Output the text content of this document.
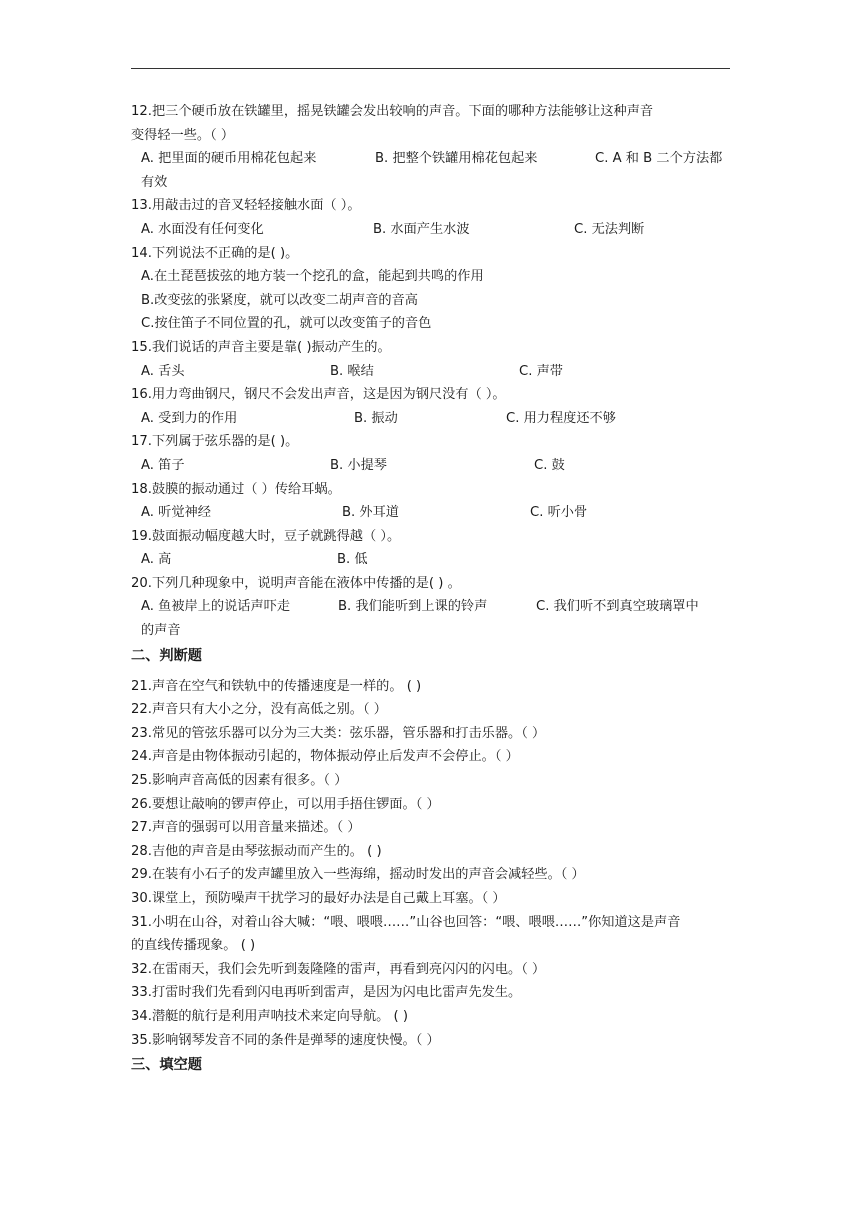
12.把三个硬币放在铁罐里，摇晃铁罐会发出较响的声音。下面的哪种方法能够让这种声音
变得轻一些。（ ）
A. 把里面的硬币用棉花包起来	B. 把整个铁罐用棉花包起来	C. A 和 B 二个方法都
有效
13.用敲击过的音叉轻轻接触水面（ ）。
A. 水面没有任何变化	B. 水面产生水波	C. 无法判断
14.下列说法不正确的是( )。
A.在土琵琶拔弦的地方装一个挖孔的盒，能起到共鸣的作用
B.改变弦的张紧度，就可以改变二胡声音的音高
C.按住笛子不同位置的孔，就可以改变笛子的音色
15.我们说话的声音主要是靠( )振动产生的。
A. 舌头	B. 喉结	C. 声带
16.用力弯曲钢尺，钢尺不会发出声音，这是因为钢尺没有（ ）。
A. 受到力的作用	B. 振动	C. 用力程度还不够
17.下列属于弦乐器的是( )。
A. 笛子	B. 小提琴	C. 鼓
18.鼓膜的振动通过（ ）传给耳蜗。
A. 听觉神经	B. 外耳道	C. 听小骨
19.鼓面振动幅度越大时，豆子就跳得越（ ）。
A. 高	B. 低
20.下列几种现象中，说明声音能在液体中传播的是( ) 。
A. 鱼被岸上的说话声吓走	B. 我们能听到上课的铃声	C. 我们听不到真空玻璃罩中
的声音
二、判断题
21.声音在空气和铁轨中的传播速度是一样的。 ( )
22.声音只有大小之分，没有高低之别。（ ）
23.常见的管弦乐器可以分为三大类：弦乐器，管乐器和打击乐器。（ ）
24.声音是由物体振动引起的，物体振动停止后发声不会停止。（ ）
25.影响声音高低的因素有很多。（ ）
26.要想让敲响的锣声停止，可以用手捂住锣面。（ ）
27.声音的强弱可以用音量来描述。（ ）
28.吉他的声音是由琴弦振动而产生的。 ( )
29.在装有小石子的发声罐里放入一些海绵，摇动时发出的声音会减轻些。（ ）
30.课堂上，预防噪声干扰学习的最好办法是自己戴上耳塞。（ ）
31.小明在山谷，对着山谷大喊：“喂、喂喂……”山谷也回答：“喂、喂喂……”你知道这是声音
的直线传播现象。 ( )
32.在雷雨天，我们会先听到轰隆隆的雷声，再看到亮闪闪的闪电。（ ）
33.打雷时我们先看到闪电再听到雷声，是因为闪电比雷声先发生。
34.潜艇的航行是利用声呐技术来定向导航。 ( )
35.影响钢琴发音不同的条件是弹琴的速度快慢。（ ）
三、填空题
